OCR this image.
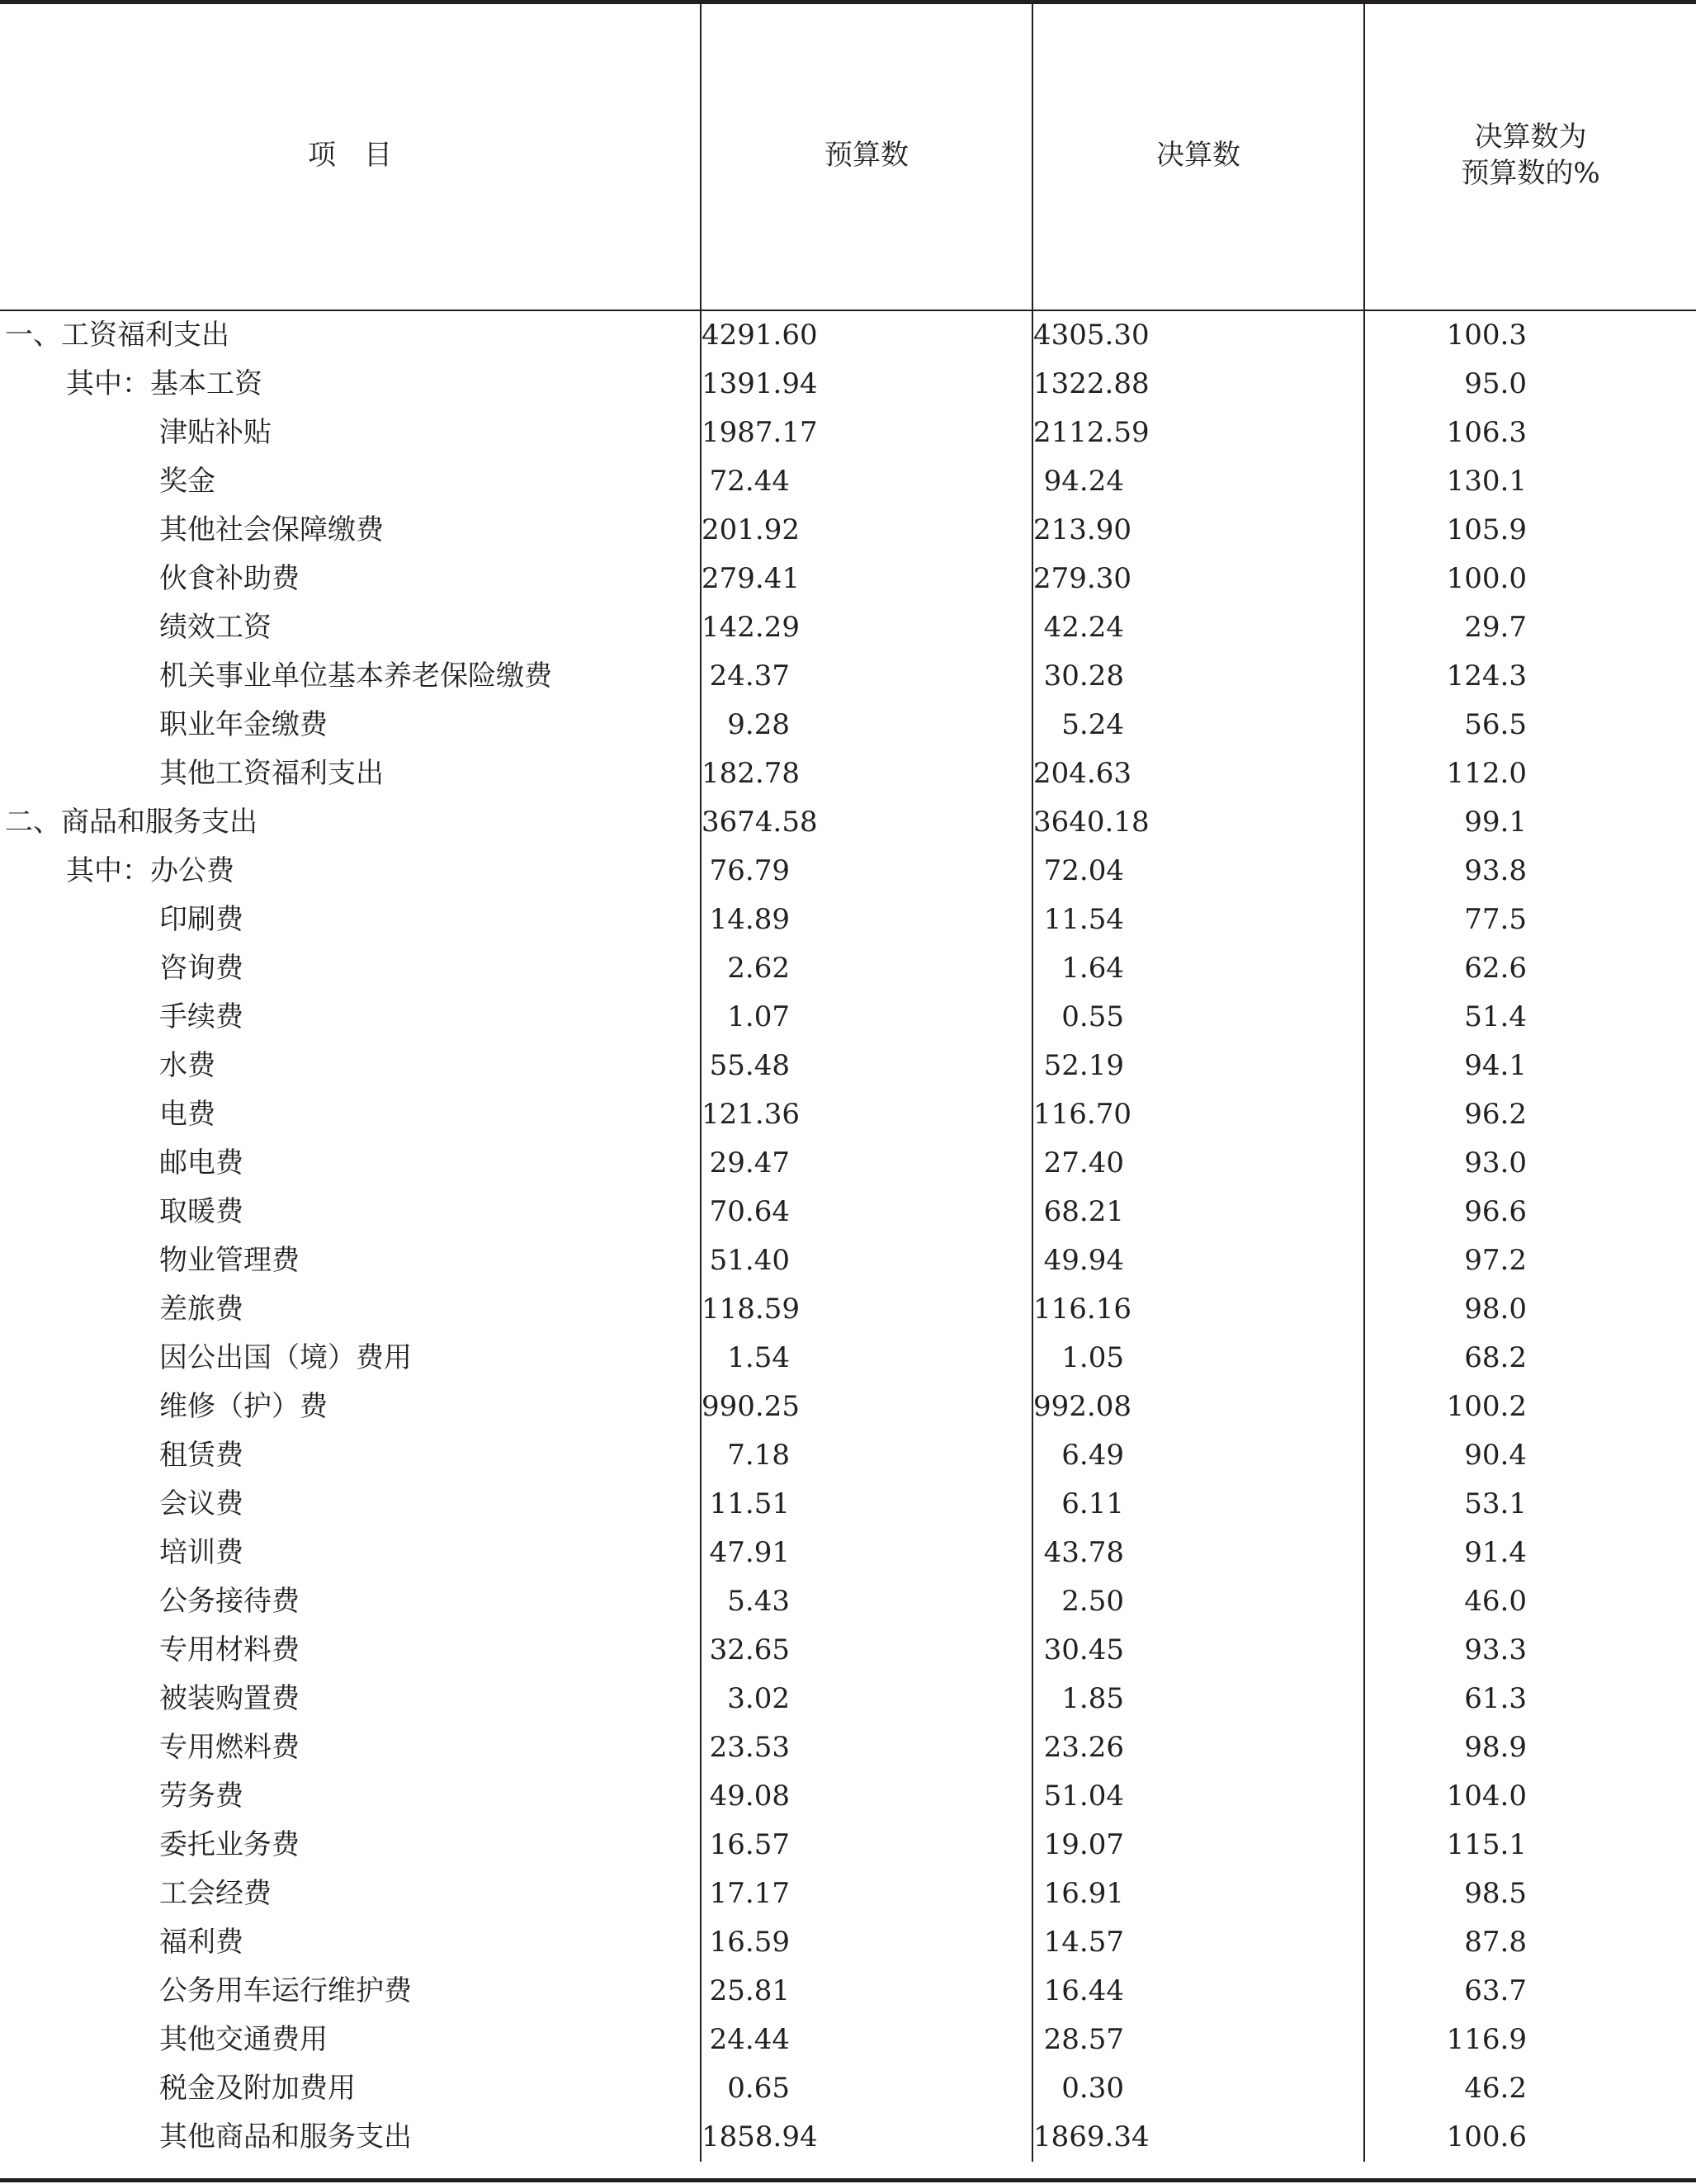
项　目	预算数	决算数	决算数为
预算数的%

一、工资福利支出	4291.60	4305.30	100.3
其中：基本工资	1391.94	1322.88	95.0
津贴补贴	1987.17	2112.59	106.3
奖金	72.44	94.24	130.1
其他社会保障缴费	201.92	213.90	105.9
伙食补助费	279.41	279.30	100.0
绩效工资	142.29	42.24	29.7
机关事业单位基本养老保险缴费	24.37	30.28	124.3
职业年金缴费	9.28	5.24	56.5
其他工资福利支出	182.78	204.63	112.0
二、商品和服务支出	3674.58	3640.18	99.1
其中：办公费	76.79	72.04	93.8
印刷费	14.89	11.54	77.5
咨询费	2.62	1.64	62.6
手续费	1.07	0.55	51.4
水费	55.48	52.19	94.1
电费	121.36	116.70	96.2
邮电费	29.47	27.40	93.0
取暖费	70.64	68.21	96.6
物业管理费	51.40	49.94	97.2
差旅费	118.59	116.16	98.0
因公出国（境）费用	1.54	1.05	68.2
维修（护）费	990.25	992.08	100.2
租赁费	7.18	6.49	90.4
会议费	11.51	6.11	53.1
培训费	47.91	43.78	91.4
公务接待费	5.43	2.50	46.0
专用材料费	32.65	30.45	93.3
被装购置费	3.02	1.85	61.3
专用燃料费	23.53	23.26	98.9
劳务费	49.08	51.04	104.0
委托业务费	16.57	19.07	115.1
工会经费	17.17	16.91	98.5
福利费	16.59	14.57	87.8
公务用车运行维护费	25.81	16.44	63.7
其他交通费用	24.44	28.57	116.9
税金及附加费用	0.65	0.30	46.2
其他商品和服务支出	1858.94	1869.34	100.6
